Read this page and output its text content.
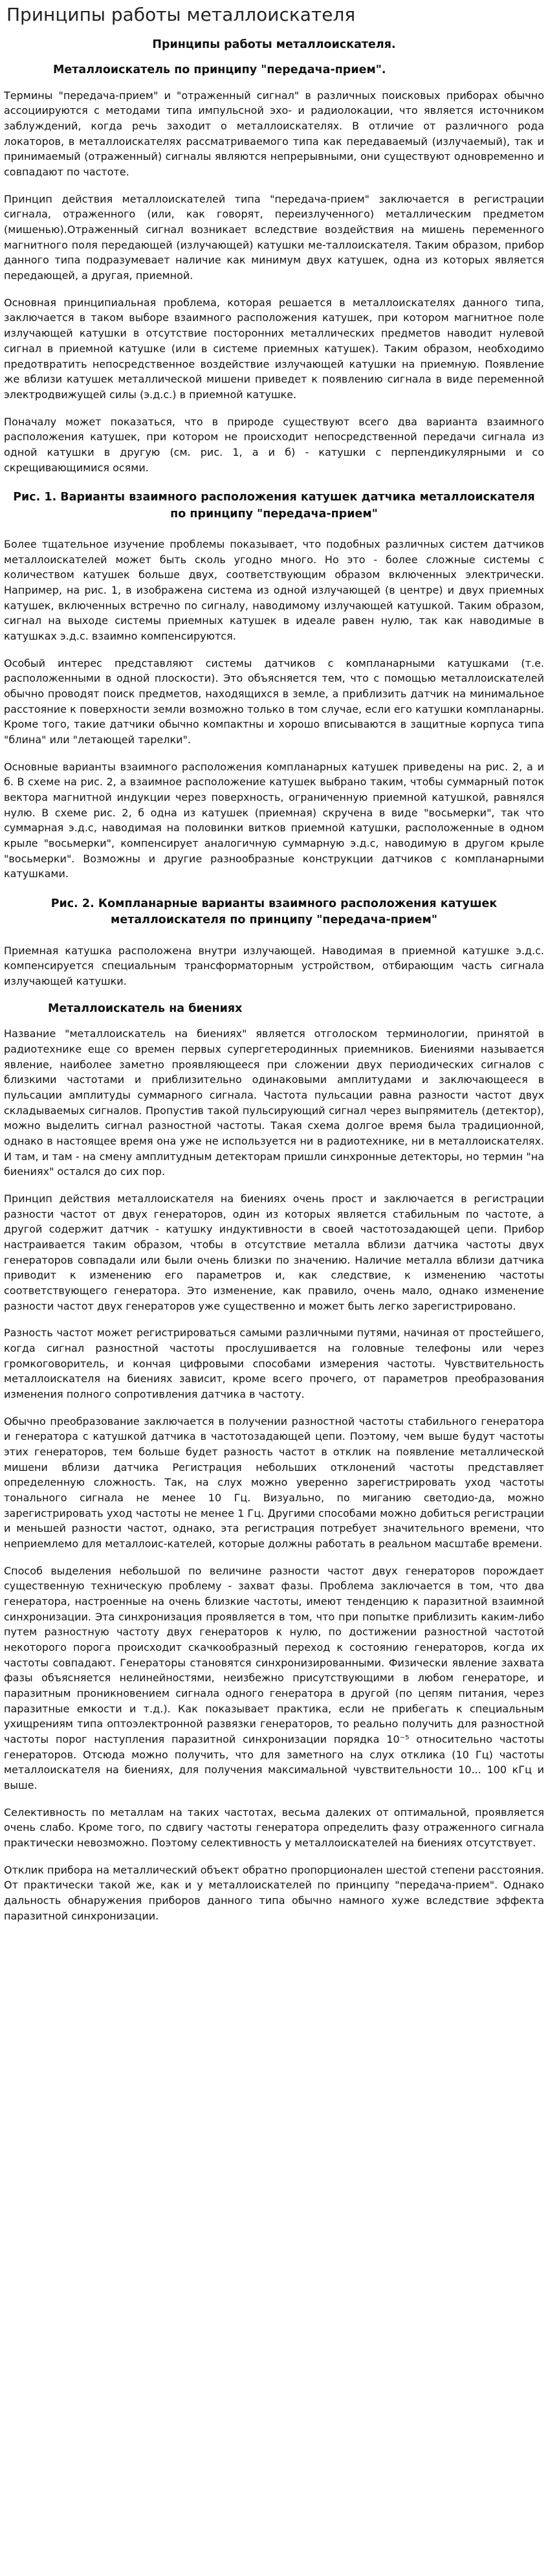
Принципы работы металлоискателя
Принципы работы металлоискателя.
Металлоискатель по принципу "передача-прием".

Термины "передача-прием" и "отраженный сигнал" в различных поисковых приборах обычно ассоциируются с методами типа импульсной эхо- и радиолокации, что является источником заблуждений, когда речь заходит о металлоискателях. В отличие от различного рода локаторов, в металлоискателях рассматриваемого типа как передаваемый (излучаемый), так и принимаемый (отраженный) сигналы являются непрерывными, они существуют одновременно и совпадают по частоте.

Принцип действия металлоискателей типа "передача-прием" заключается в регистрации сигнала, отраженного (или, как говорят, переизлученного) металлическим предметом (мишенью).Отраженный сигнал возникает вследствие воздействия на мишень переменного магнитного поля передающей (излучающей) катушки ме-таллоискателя. Таким образом, прибор данного типа подразумевает наличие как минимум двух катушек, одна из которых является передающей, а другая, приемной.

Основная принципиальная проблема, которая решается в металлоискателях данного типа, заключается в таком выборе взаимного расположения катушек, при котором магнитное поле излучающей катушки в отсутствие посторонних металлических предметов наводит нулевой сигнал в приемной катушке (или в системе приемных катушек). Таким образом, необходимо предотвратить непосредственное воздействие излучающей катушки на приемную. Появление же вблизи катушек металлической мишени приведет к появлению сигнала в виде переменной электродвижущей силы (э.д.с.) в приемной катушке.

Поначалу может показаться, что в природе существуют всего два варианта взаимного расположения катушек, при котором не происходит непосредственной передачи сигнала из одной катушки в другую (см. рис. 1, а и б) - катушки с перпендикулярными и со скрещивающимися осями.

Рис. 1. Варианты взаимного расположения катушек датчика металлоискателя по принципу "передача-прием"

Более тщательное изучение проблемы показывает, что подобных различных систем датчиков металлоискателей может быть сколь угодно много. Но это - более сложные системы с количеством катушек больше двух, соответствующим образом включенных электрически. Например, на рис. 1, в изображена система из одной излучающей (в центре) и двух приемных катушек, включенных встречно по сигналу, наводимому излучающей катушкой. Таким образом, сигнал на выходе системы приемных катушек в идеале равен нулю, так как наводимые в катушках э.д.с. взаимно компенсируются.

Особый интерес представляют системы датчиков с компланарными катушками (т.е. расположенными в одной плоскости). Это объясняется тем, что с помощью металлоискателей обычно проводят поиск предметов, находящихся в земле, а приблизить датчик на минимальное расстояние к поверхности земли возможно только в том случае, если его катушки компланарны. Кроме того, такие датчики обычно компактны и хорошо вписываются в защитные корпуса типа "блина" или "летающей тарелки".

Основные варианты взаимного расположения компланарных катушек приведены на рис. 2, а и б. В схеме на рис. 2, а взаимное расположение катушек выбрано таким, чтобы суммарный поток вектора магнитной индукции через поверхность, ограниченную приемной катушкой, равнялся нулю. В схеме рис. 2, б одна из катушек (приемная) скручена в виде "восьмерки", так что суммарная э.д.с, наводимая на половинки витков приемной катушки, расположенные в одном крыле "восьмерки", компенсирует аналогичную суммарную э.д.с, наводимую в другом крыле "восьмерки". Возможны и другие разнообразные конструкции датчиков с компланарными катушками.

Рис. 2. Компланарные варианты взаимного расположения катушек металлоискателя по принципу "передача-прием"

Приемная катушка расположена внутри излучающей. Наводимая в приемной катушке э.д.с. компенсируется специальным трансформаторным устройством, отбирающим часть сигнала излучающей катушки.

Металлоискатель на биениях

Название "металлоискатель на биениях" является отголоском терминологии, принятой в радиотехнике еще со времен первых супергетеродинных приемников. Биениями называется явление, наиболее заметно проявляющееся при сложении двух периодических сигналов с близкими частотами и приблизительно одинаковыми амплитудами и заключающееся в пульсации амплитуды суммарного сигнала. Частота пульсации равна разности частот двух складываемых сигналов. Пропустив такой пульсирующий сигнал через выпрямитель (детектор), можно выделить сигнал разностной частоты. Такая схема долгое время была традиционной, однако в настоящее время она уже не используется ни в радиотехнике, ни в металлоискателях. И там, и там - на смену амплитудным детекторам пришли синхронные детекторы, но термин "на биениях" остался до сих пор.

Принцип действия металлоискателя на биениях очень прост и заключается в регистрации разности частот от двух генераторов, один из которых является стабильным по частоте, а другой содержит датчик - катушку индуктивности в своей частотозадающей цепи. Прибор настраивается таким образом, чтобы в отсутствие металла вблизи датчика частоты двух генераторов совпадали или были очень близки по значению. Наличие металла вблизи датчика приводит к изменению его параметров и, как следствие, к изменению частоты соответствующего генератора. Это изменение, как правило, очень мало, однако изменение разности частот двух генераторов уже существенно и может быть легко зарегистрировано.

Разность частот может регистрироваться самыми различными путями, начиная от простейшего, когда сигнал разностной частоты прослушивается на головные телефоны или через громкоговоритель, и кончая цифровыми способами измерения частоты. Чувствительность металлоискателя на биениях зависит, кроме всего прочего, от параметров преобразования изменения полного сопротивления датчика в частоту.

Обычно преобразование заключается в получении разностной частоты стабильного генератора и генератора с катушкой датчика в частотозадающей цепи. Поэтому, чем выше будут частоты этих генераторов, тем больше будет разность частот в отклик на появление металлической мишени вблизи датчика Регистрация небольших отклонений частоты представляет определенную сложность. Так, на слух можно уверенно зарегистрировать уход частоты тонального сигнала не менее 10 Гц. Визуально, по миганию светодио-да, можно зарегистрировать уход частоты не менее 1 Гц. Другими способами можно добиться регистрации и меньшей разности частот, однако, эта регистрация потребует значительного времени, что неприемлемо для металлоис-кателей, которые должны работать в реальном масштабе времени.

Способ выделения небольшой по величине разности частот двух генераторов порождает существенную техническую проблему - захват фазы. Проблема заключается в том, что два генератора, настроенные на очень близкие частоты, имеют тенденцию к паразитной взаимной синхронизации. Эта синхронизация проявляется в том, что при попытке приблизить каким-либо путем разностную частоту двух генераторов к нулю, по достижении разностной частотой некоторого порога происходит скачкообразный переход к состоянию генераторов, когда их частоты совпадают. Генераторы становятся синхронизированными. Физически явление захвата фазы объясняется нелинейностями, неизбежно присутствующими в любом генераторе, и паразитным проникновением сигнала одного генератора в другой (по цепям питания, через паразитные емкости и т.д.). Как показывает практика, если не прибегать к специальным ухищрениям типа оптоэлектронной развязки генераторов, то реально получить для разностной частоты порог наступления паразитной синхронизации порядка 10⁻⁵ относительно частоты генераторов. Отсюда можно получить, что для заметного на слух отклика (10 Гц) частоты металлоискателя на биениях, для получения максимальной чувствительности 10... 100 кГц и выше.

Селективность по металлам на таких частотах, весьма далеких от оптимальной, проявляется очень слабо. Кроме того, по сдвигу частоты генератора определить фазу отраженного сигнала практически невозможно. Поэтому селективность у металлоискателей на биениях отсутствует.

Отклик прибора на металлический объект обратно пропорционален шестой степени расстояния. От практически такой же, как и у металлоискателей по принципу "передача-прием". Однако дальность обнаружения приборов данного типа обычно намного хуже вследствие эффекта паразитной синхронизации.
